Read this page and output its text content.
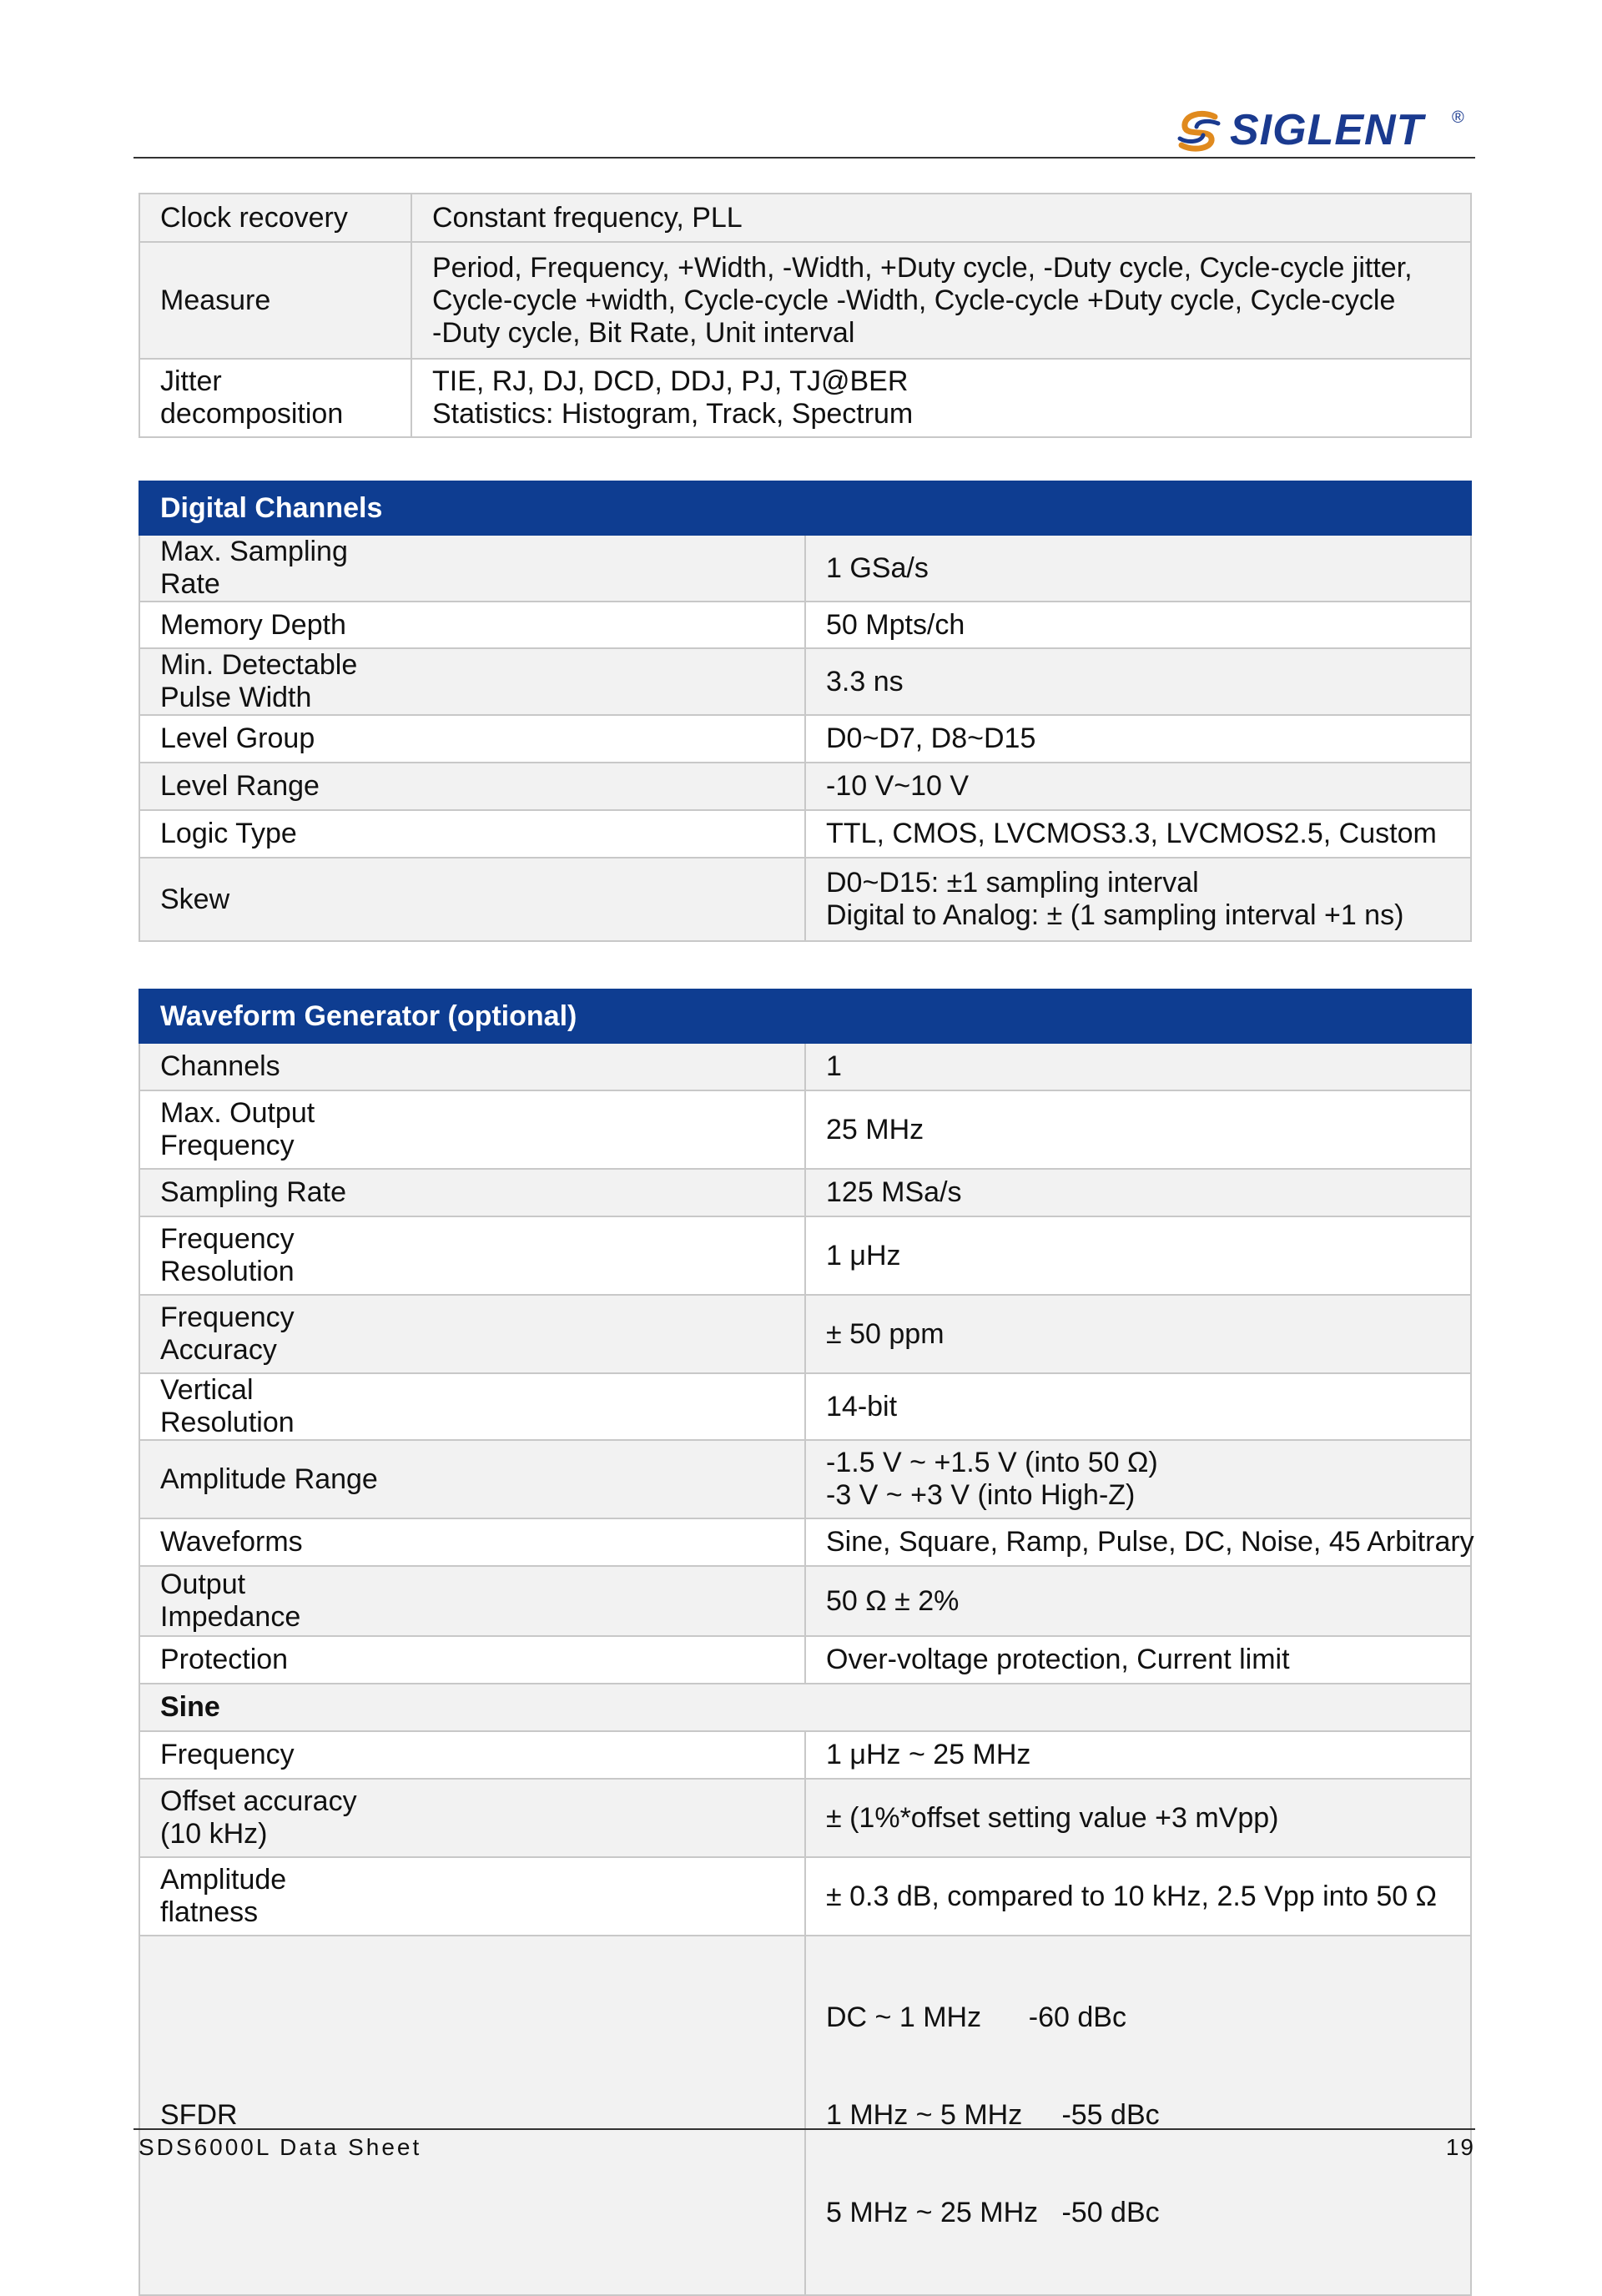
SIGLENT ®
Clock recovery	Constant frequency, PLL
Measure	Period, Frequency, +Width, -Width, +Duty cycle, -Duty cycle, Cycle-cycle jitter,
Cycle-cycle +width, Cycle-cycle -Width, Cycle-cycle +Duty cycle, Cycle-cycle
-Duty cycle, Bit Rate, Unit interval

Jitter
decomposition	TIE, RJ, DJ, DCD, DDJ, PJ, TJ@BER
Statistics: Histogram, Track, Spectrum
Digital Channels	

Max. Sampling
Rate	1 GSa/s
Memory Depth	50 Mpts/ch

Min. Detectable
Pulse Width	3.3 ns
Level Group	D0~D7, D8~D15
Level Range	-10 V~10 V
Logic Type	TTL, CMOS, LVCMOS3.3, LVCMOS2.5, Custom
Skew	D0~D15: ±1 sampling interval
Digital to Analog: ± (1 sampling interval +1 ns)
Waveform Generator (optional)	
Channels	1

Max. Output
Frequency	25 MHz
Sampling Rate	125 MSa/s

Frequency
Resolution	1 μHz

Frequency
Accuracy	± 50 ppm

Vertical
Resolution	14-bit
Amplitude Range	-1.5 V ~ +1.5 V (into 50 Ω)
-3 V ~ +3 V (into High-Z)

Waveforms	Sine, Square, Ramp, Pulse, DC, Noise, 45 Arbitrary

Output
Impedance	50 Ω ± 2%
Protection	Over-voltage protection, Current limit
Sine	
Frequency	1 μHz ~ 25 MHz

Offset accuracy
(10 kHz)	± (1%*offset setting value +3 mVpp)

Amplitude
flatness	± 0.3 dB, compared to 10 kHz, 2.5 Vpp into 50 Ω
SFDR	DC ~ 1 MHz      -60 dBc

1 MHz ~ 5 MHz     -55 dBc

5 MHz ~ 25 MHz   -50 dBc

SDS6000L Data Sheet	19
